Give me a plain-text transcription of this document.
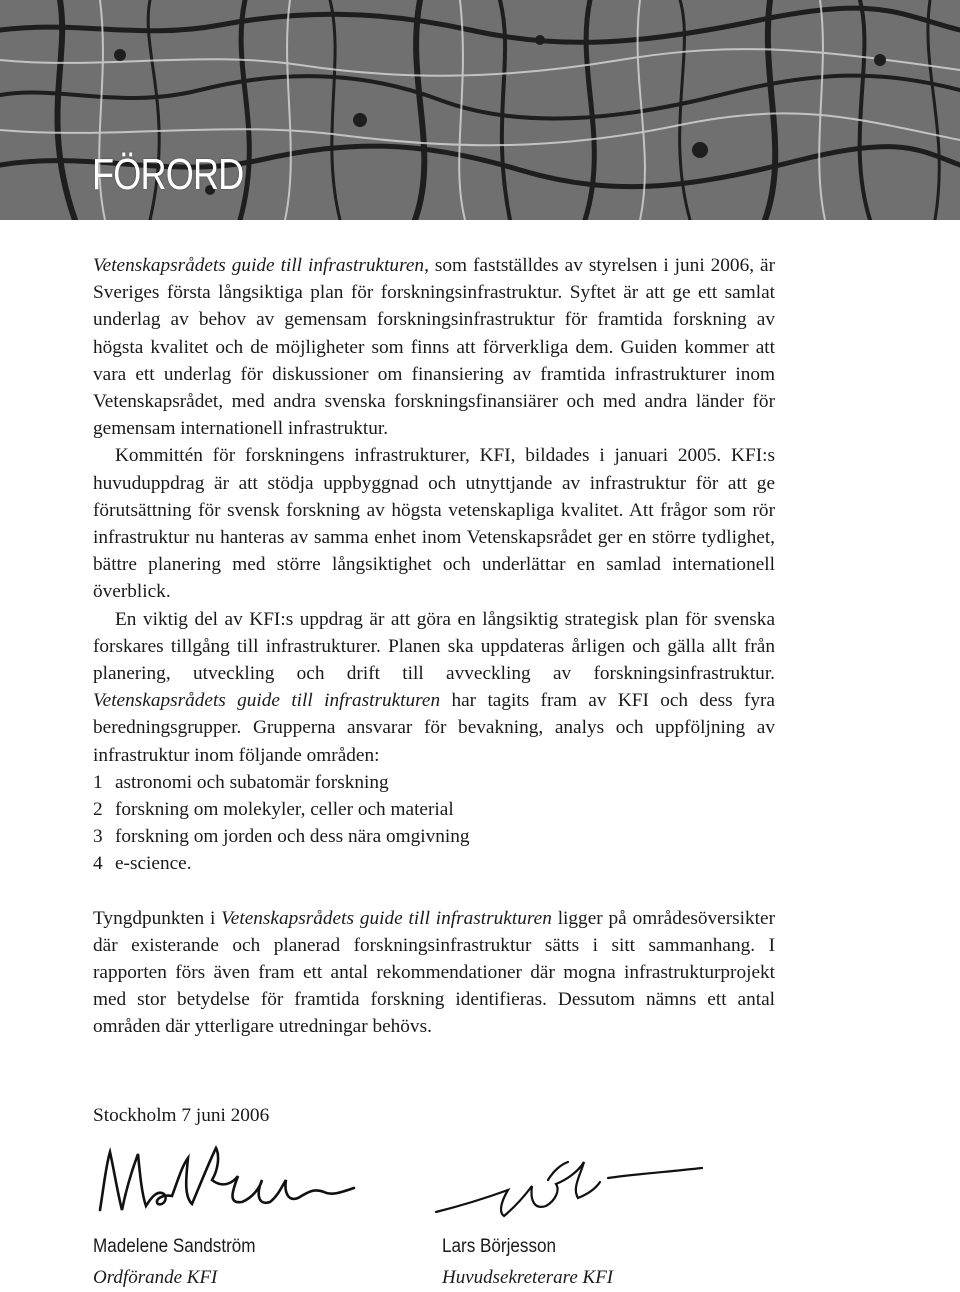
FÖRORD

Vetenskapsrådets guide till infrastrukturen, som fastställdes av styrelsen i juni 2006, är Sveriges första långsiktiga plan för forskningsinfrastruktur. Syftet är att ge ett samlat underlag av behov av gemensam forskningsinfrastruktur för framtida forskning av högsta kvalitet och de möjligheter som finns att förverkliga dem. Guiden kommer att vara ett underlag för diskussioner om finansiering av framtida infrastrukturer inom Vetenskapsrådet, med andra svenska forskningsfinansiärer och med andra länder för gemensam internationell infrastruktur.

Kommittén för forskningens infrastrukturer, KFI, bildades i januari 2005. KFI:s huvuduppdrag är att stödja uppbyggnad och utnyttjande av infrastruktur för att ge förutsättning för svensk forskning av högsta vetenskapliga kvalitet. Att frågor som rör infrastruktur nu hanteras av samma enhet inom Vetenskapsrådet ger en större tydlighet, bättre planering med större långsiktighet och underlättar en samlad internationell överblick.

En viktig del av KFI:s uppdrag är att göra en långsiktig strategisk plan för svenska forskares tillgång till infrastrukturer. Planen ska uppdateras årligen och gälla allt från planering, utveckling och drift till avveckling av forskningsinfrastruktur. Vetenskapsrådets guide till infrastrukturen har tagits fram av KFI och dess fyra beredningsgrupper. Grupperna ansvarar för bevakning, analys och uppföljning av infrastruktur inom följande områden:

1 astronomi och subatomär forskning
2 forskning om molekyler, celler och material
3 forskning om jorden och dess nära omgivning
4 e-science.

Tyngdpunkten i Vetenskapsrådets guide till infrastrukturen ligger på områdesöversikter där existerande och planerad forskningsinfrastruktur sätts i sitt sammanhang. I rapporten förs även fram ett antal rekommendationer där mogna infrastrukturprojekt med stor betydelse för framtida forskning identifieras. Dessutom nämns ett antal områden där ytterligare utredningar behövs.

Stockholm 7 juni 2006
Madelene Sandström
Ordförande KFI
Lars Börjesson
Huvudsekreterare KFI
